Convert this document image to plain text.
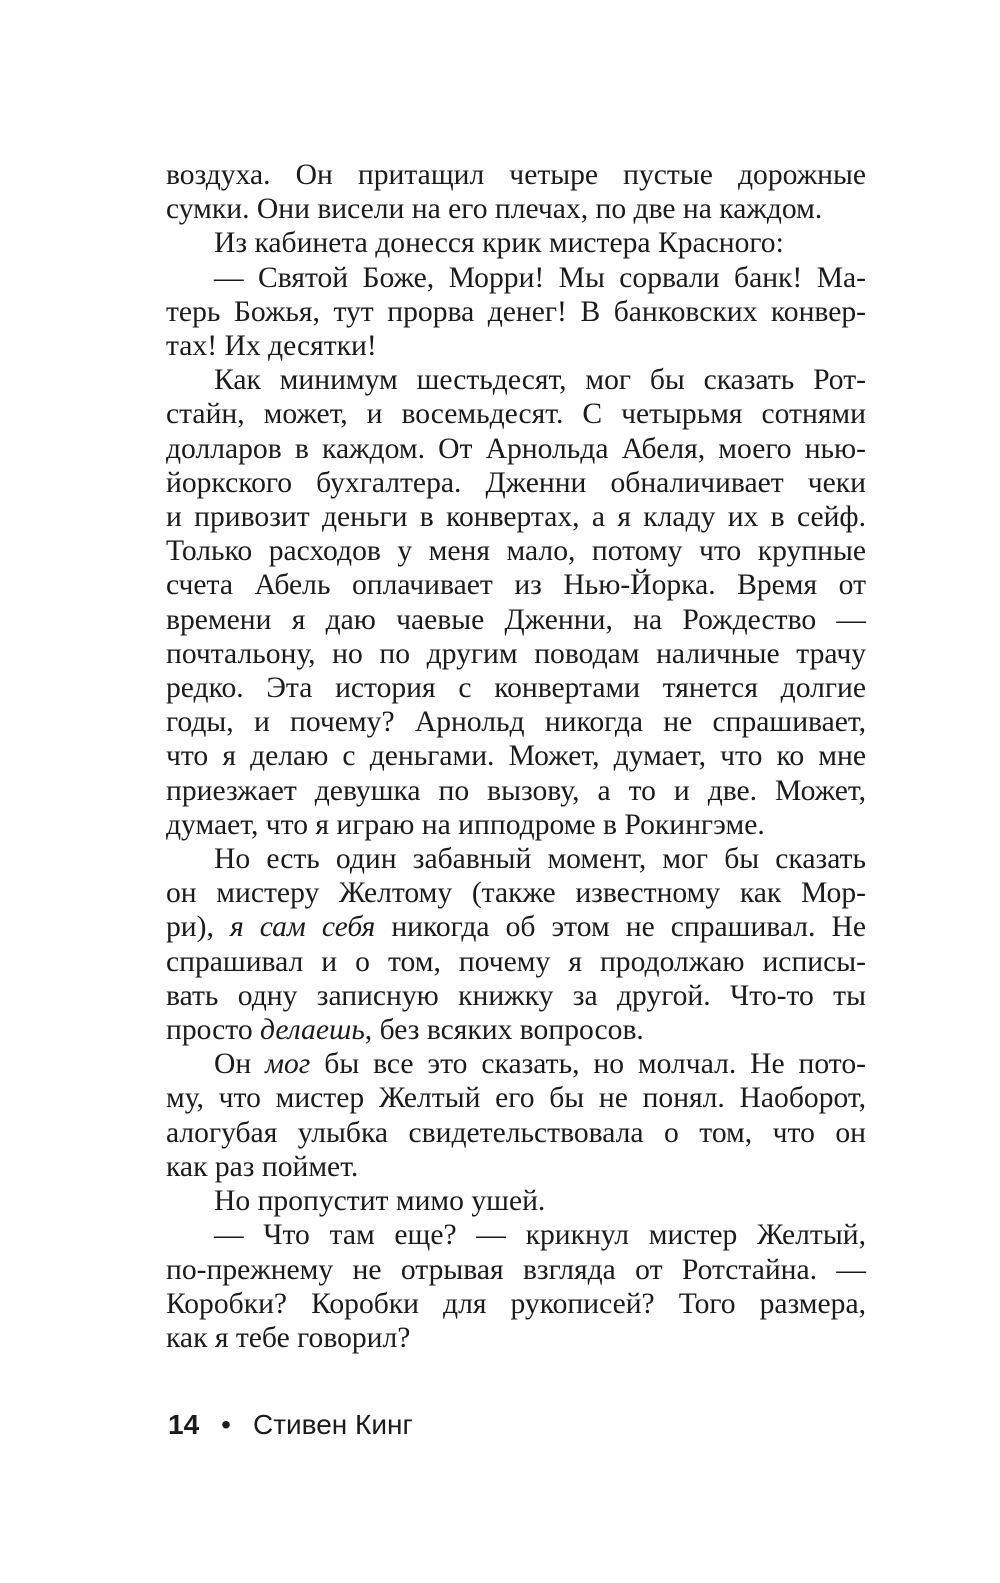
воздуха. Он притащил четыре пустые дорожные
сумки. Они висели на его плечах, по две на каждом.
Из кабинета донесся крик мистера Красного:
— Святой Боже, Морри! Мы сорвали банк! Ма-
терь Божья, тут прорва денег! В банковских конвер-
тах! Их десятки!
Как минимум шестьдесят, мог бы сказать Рот-
стайн, может, и восемьдесят. С четырьмя сотнями
долларов в каждом. От Арнольда Абеля, моего нью-
йоркского бухгалтера. Дженни обналичивает чеки
и привозит деньги в конвертах, а я кладу их в сейф.
Только расходов у меня мало, потому что крупные
счета Абель оплачивает из Нью-Йорка. Время от
времени я даю чаевые Дженни, на Рождество —
почтальону, но по другим поводам наличные трачу
редко. Эта история с конвертами тянется долгие
годы, и почему? Арнольд никогда не спрашивает,
что я делаю с деньгами. Может, думает, что ко мне
приезжает девушка по вызову, а то и две. Может,
думает, что я играю на ипподроме в Рокингэме.
Но есть один забавный момент, мог бы сказать
он мистеру Желтому (также известному как Мор-
ри), я сам себя никогда об этом не спрашивал. Не
спрашивал и о том, почему я продолжаю исписы-
вать одну записную книжку за другой. Что-то ты
просто делаешь, без всяких вопросов.
Он мог бы все это сказать, но молчал. Не пото-
му, что мистер Желтый его бы не понял. Наоборот,
алогубая улыбка свидетельствовала о том, что он
как раз поймет.
Но пропустит мимо ушей.
— Что там еще? — крикнул мистер Желтый,
по-прежнему не отрывая взгляда от Ротстайна. —
Коробки? Коробки для рукописей? Того размера,
как я тебе говорил?
14 • Стивен Кинг
